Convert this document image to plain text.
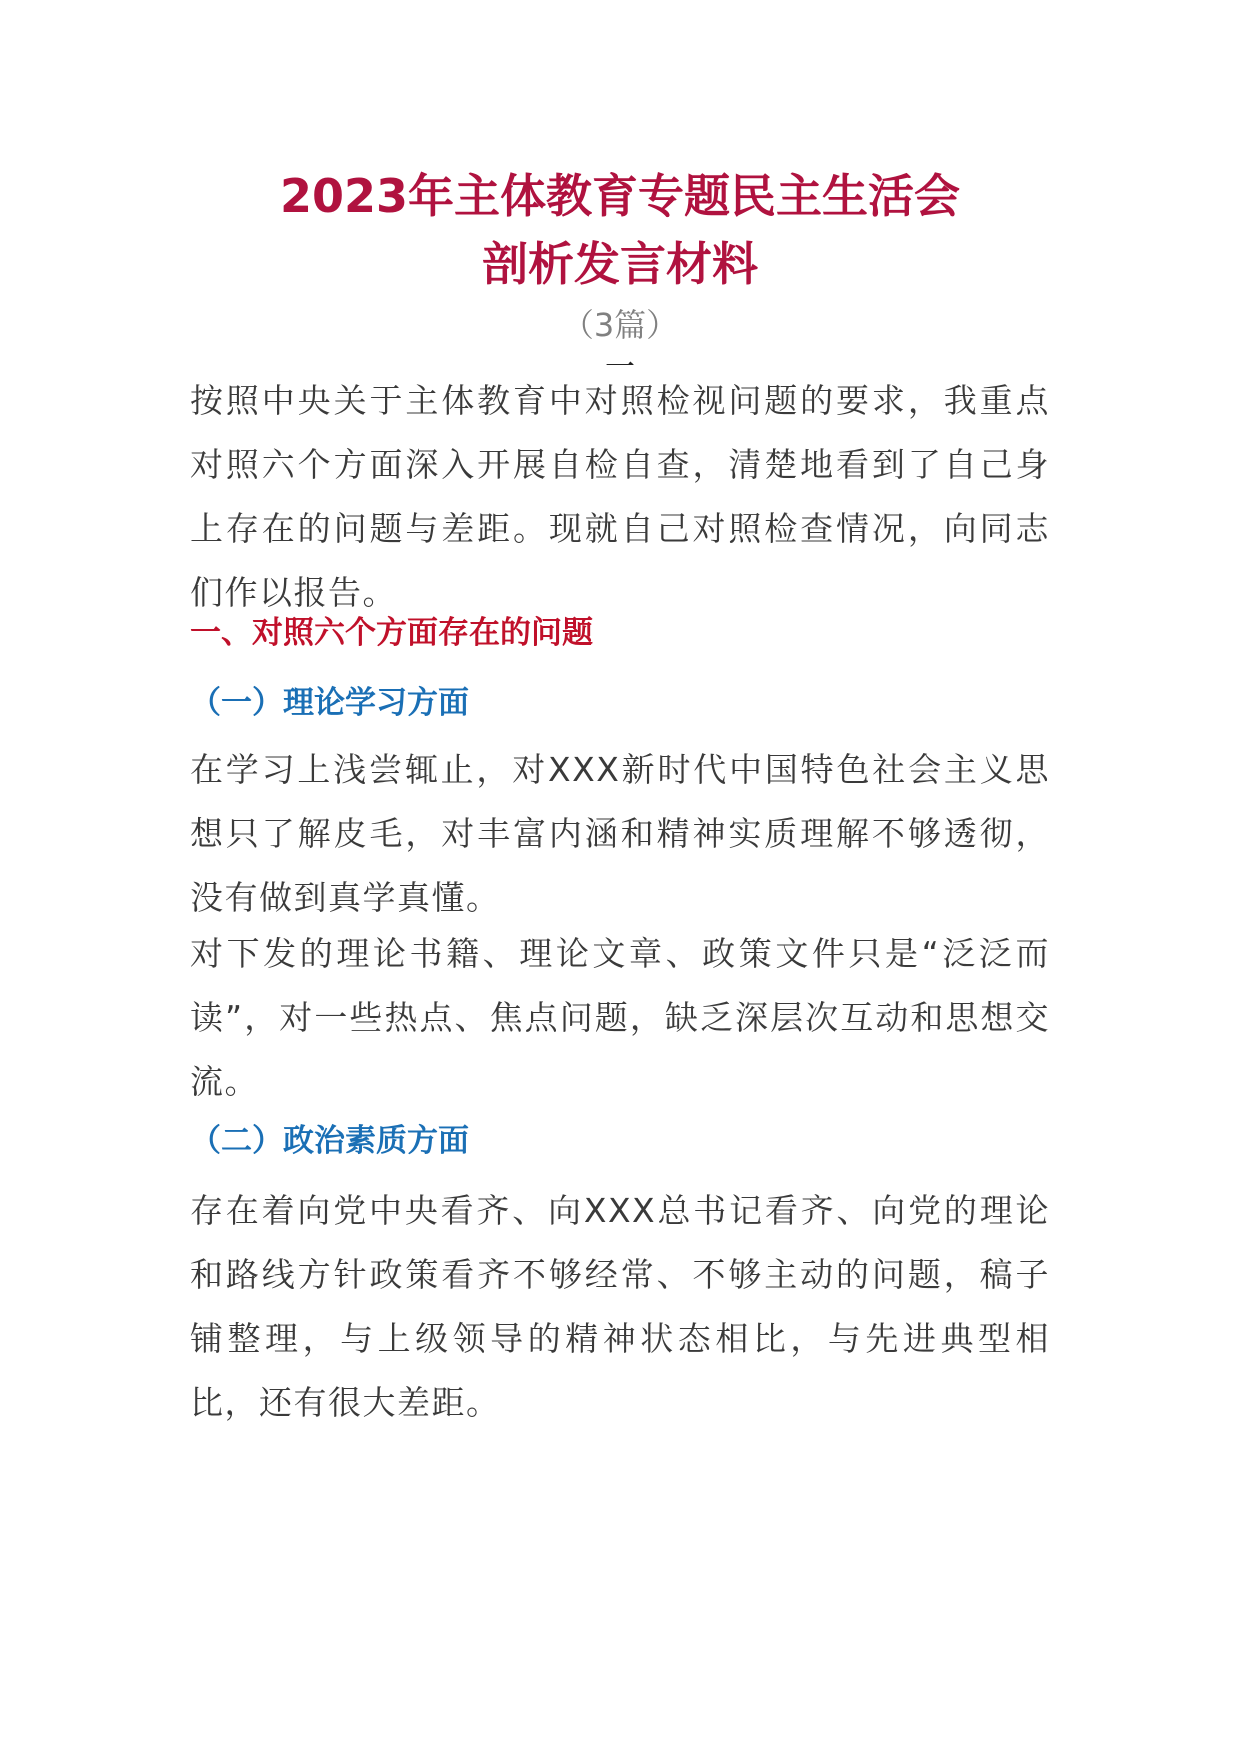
2023年主体教育专题民主生活会
剖析发言材料
（3篇）
一

按照中央关于主体教育中对照检视问题的要求，我重点对照六个方面深入开展自检自查，清楚地看到了自己身上存在的问题与差距。现就自己对照检查情况，向同志们作以报告。

一、对照六个方面存在的问题
（一）理论学习方面

在学习上浅尝辄止，对XXX新时代中国特色社会主义思想只了解皮毛，对丰富内涵和精神实质理解不够透彻，没有做到真学真懂。

对下发的理论书籍、理论文章、政策文件只是“泛泛而读”，对一些热点、焦点问题，缺乏深层次互动和思想交流。

（二）政治素质方面

存在着向党中央看齐、向XXX总书记看齐、向党的理论和路线方针政策看齐不够经常、不够主动的问题，稿子铺整理，与上级领导的精神状态相比，与先进典型相比，还有很大差距。
